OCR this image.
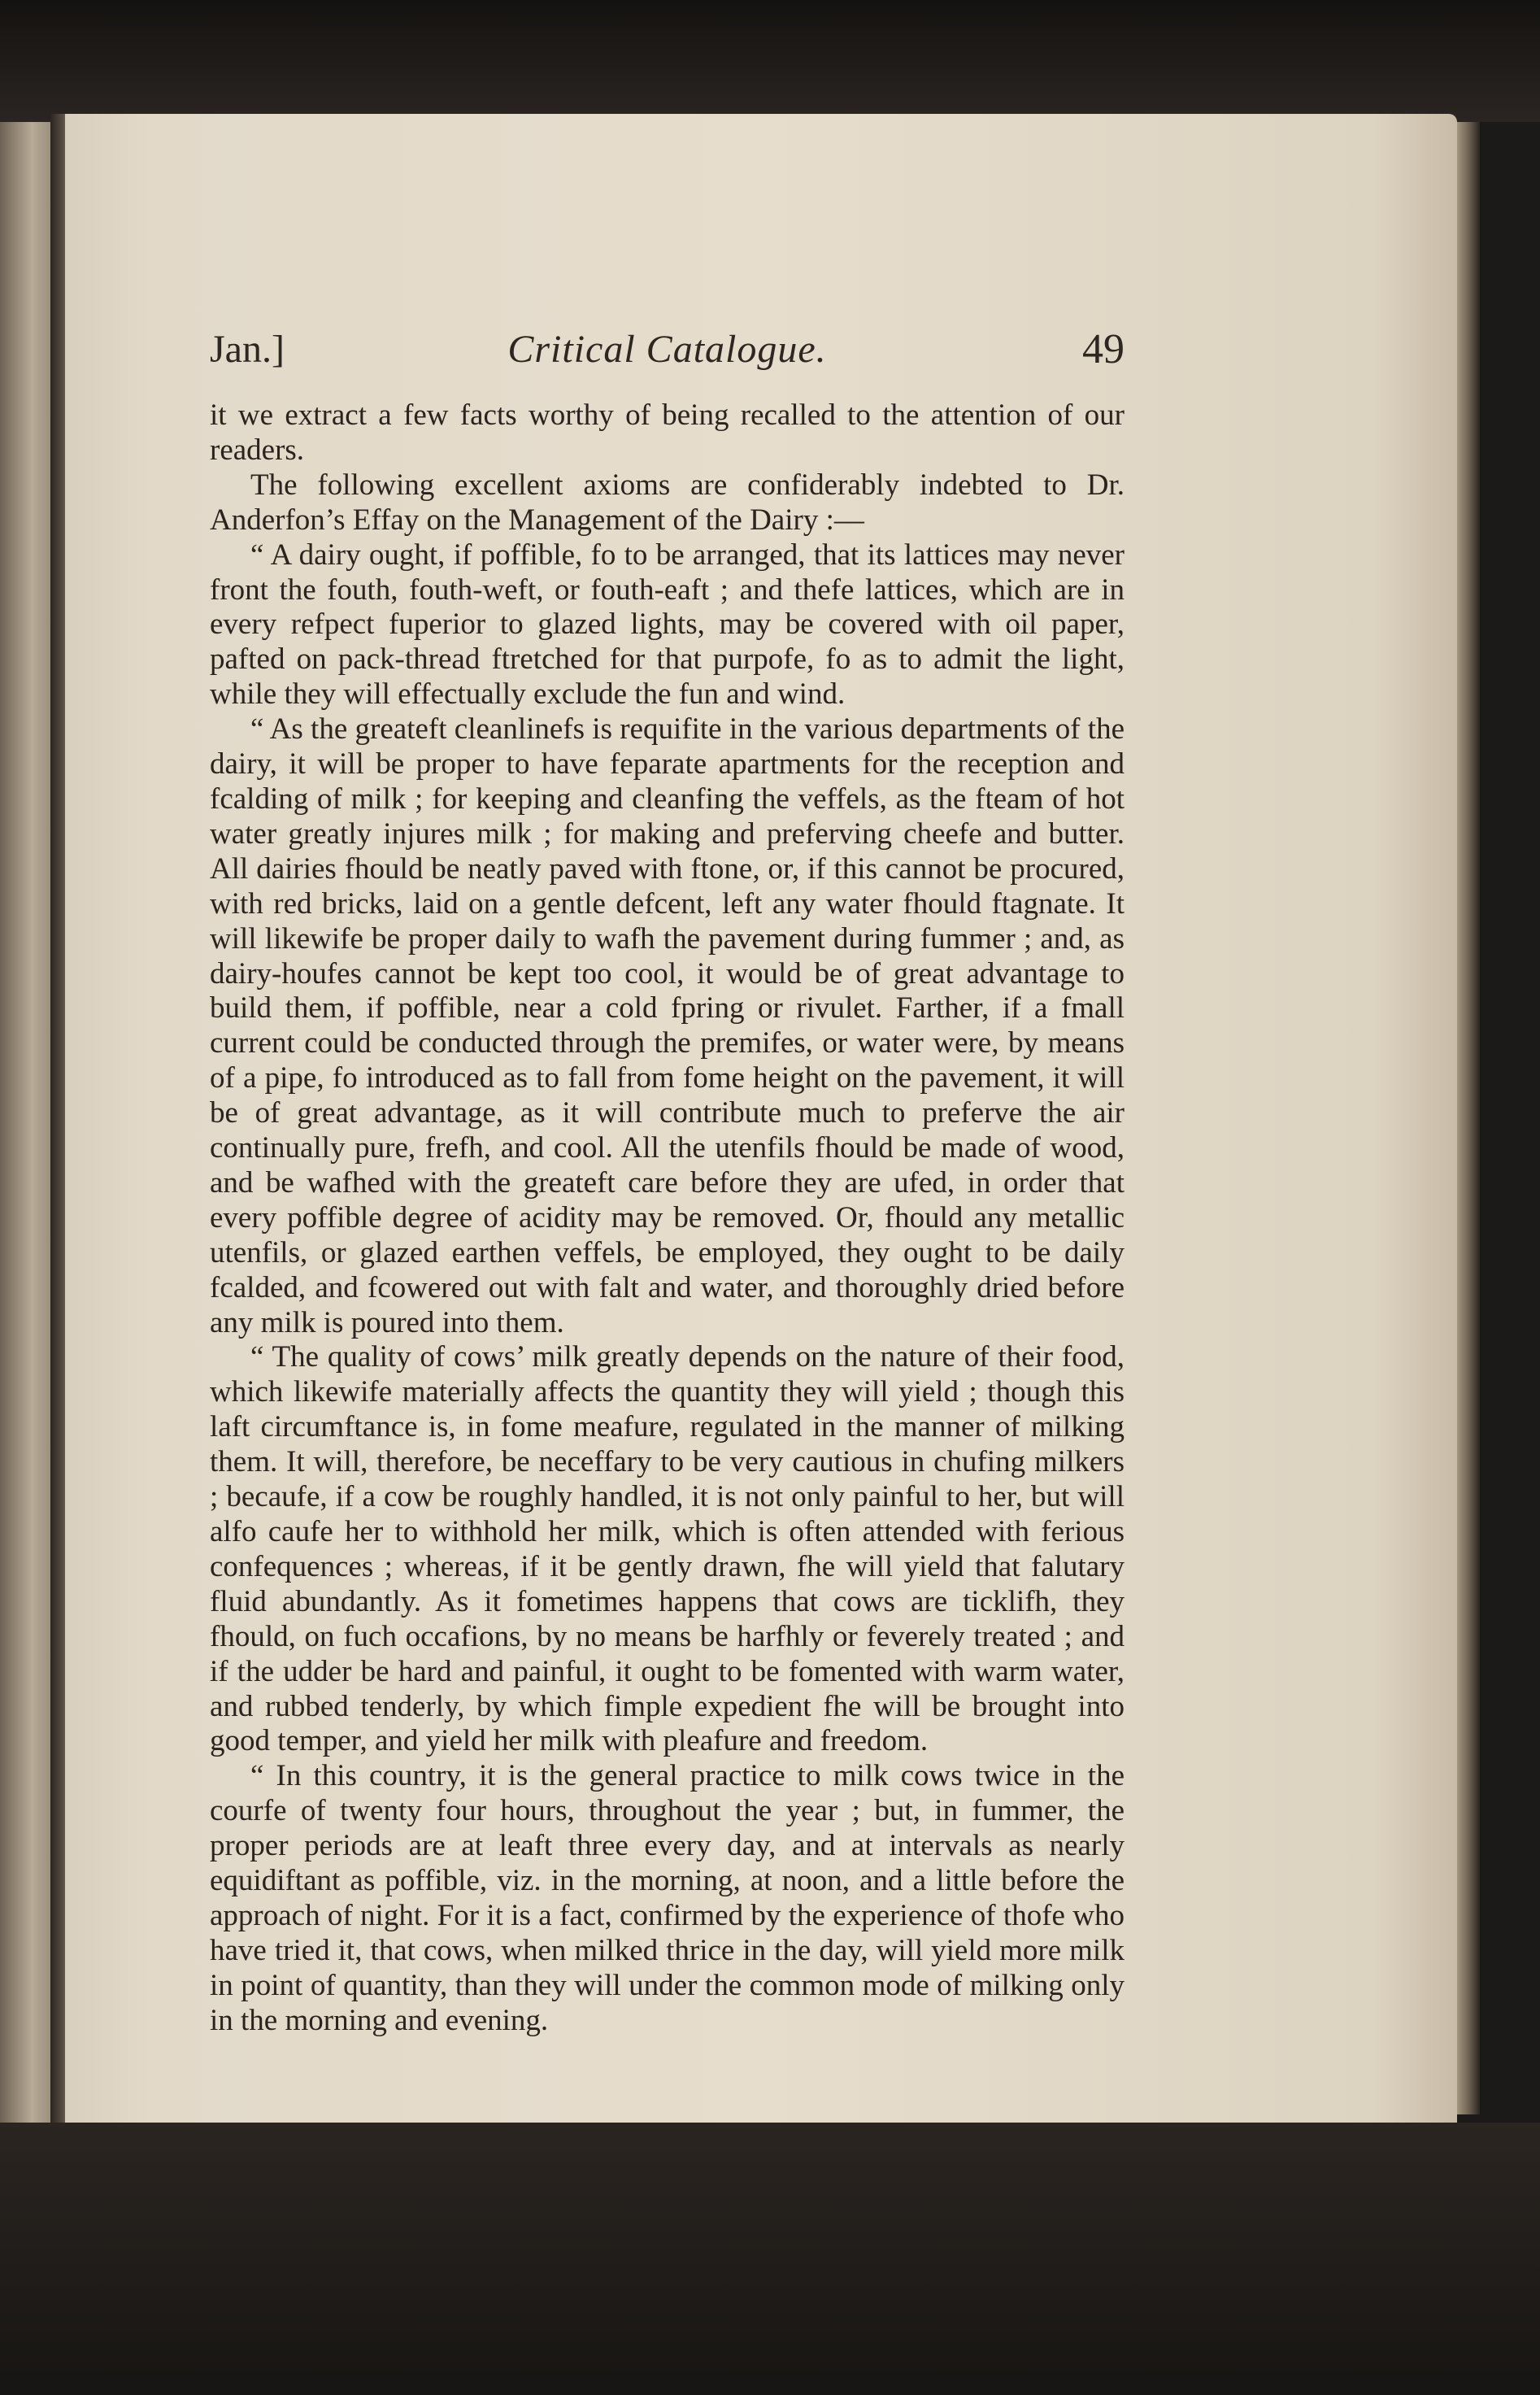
Jan.]	Critical Catalogue.	49

it we extract a few facts worthy of being recalled to the attention of our readers.

The following excellent axioms are confiderably indebted to Dr. Anderfon’s Effay on the Management of the Dairy :—

“ A dairy ought, if poffible, fo to be arranged, that its lattices may never front the fouth, fouth-weft, or fouth-eaft ; and thefe lattices, which are in every refpect fuperior to glazed lights, may be covered with oil paper, pafted on pack-thread ftretched for that purpofe, fo as to admit the light, while they will effectually exclude the fun and wind.

“ As the greateft cleanlinefs is requifite in the various departments of the dairy, it will be proper to have feparate apartments for the reception and fcalding of milk ; for keeping and cleanfing the veffels, as the fteam of hot water greatly injures milk ; for making and preferving cheefe and butter. All dairies fhould be neatly paved with ftone, or, if this cannot be procured, with red bricks, laid on a gentle defcent, left any water fhould ftagnate. It will likewife be proper daily to wafh the pavement during fummer ; and, as dairy-houfes cannot be kept too cool, it would be of great advantage to build them, if poffible, near a cold fpring or rivulet. Farther, if a fmall current could be conducted through the premifes, or water were, by means of a pipe, fo introduced as to fall from fome height on the pavement, it will be of great advantage, as it will contribute much to preferve the air continually pure, frefh, and cool. All the utenfils fhould be made of wood, and be wafhed with the greateft care before they are ufed, in order that every poffible degree of acidity may be removed. Or, fhould any metallic utenfils, or glazed earthen veffels, be employed, they ought to be daily fcalded, and fcowered out with falt and water, and thoroughly dried before any milk is poured into them.

“ The quality of cows’ milk greatly depends on the nature of their food, which likewife materially affects the quantity they will yield ; though this laft circumftance is, in fome meafure, regulated in the manner of milking them. It will, therefore, be neceffary to be very cautious in chufing milkers ; becaufe, if a cow be roughly handled, it is not only painful to her, but will alfo caufe her to withhold her milk, which is often attended with ferious confequences ; whereas, if it be gently drawn, fhe will yield that falutary fluid abundantly. As it fometimes happens that cows are ticklifh, they fhould, on fuch occafions, by no means be harfhly or feverely treated ; and if the udder be hard and painful, it ought to be fomented with warm water, and rubbed tenderly, by which fimple expedient fhe will be brought into good temper, and yield her milk with pleafure and freedom.

“ In this country, it is the general practice to milk cows twice in the courfe of twenty four hours, throughout the year ; but, in fummer, the proper periods are at leaft three every day, and at intervals as nearly equidiftant as poffible, viz. in the morning, at noon, and a little before the approach of night. For it is a fact, confirmed by the experience of thofe who have tried it, that cows, when milked thrice in the day, will yield more milk in point of quantity, than they will under the common mode of milking only in the morning and evening.
